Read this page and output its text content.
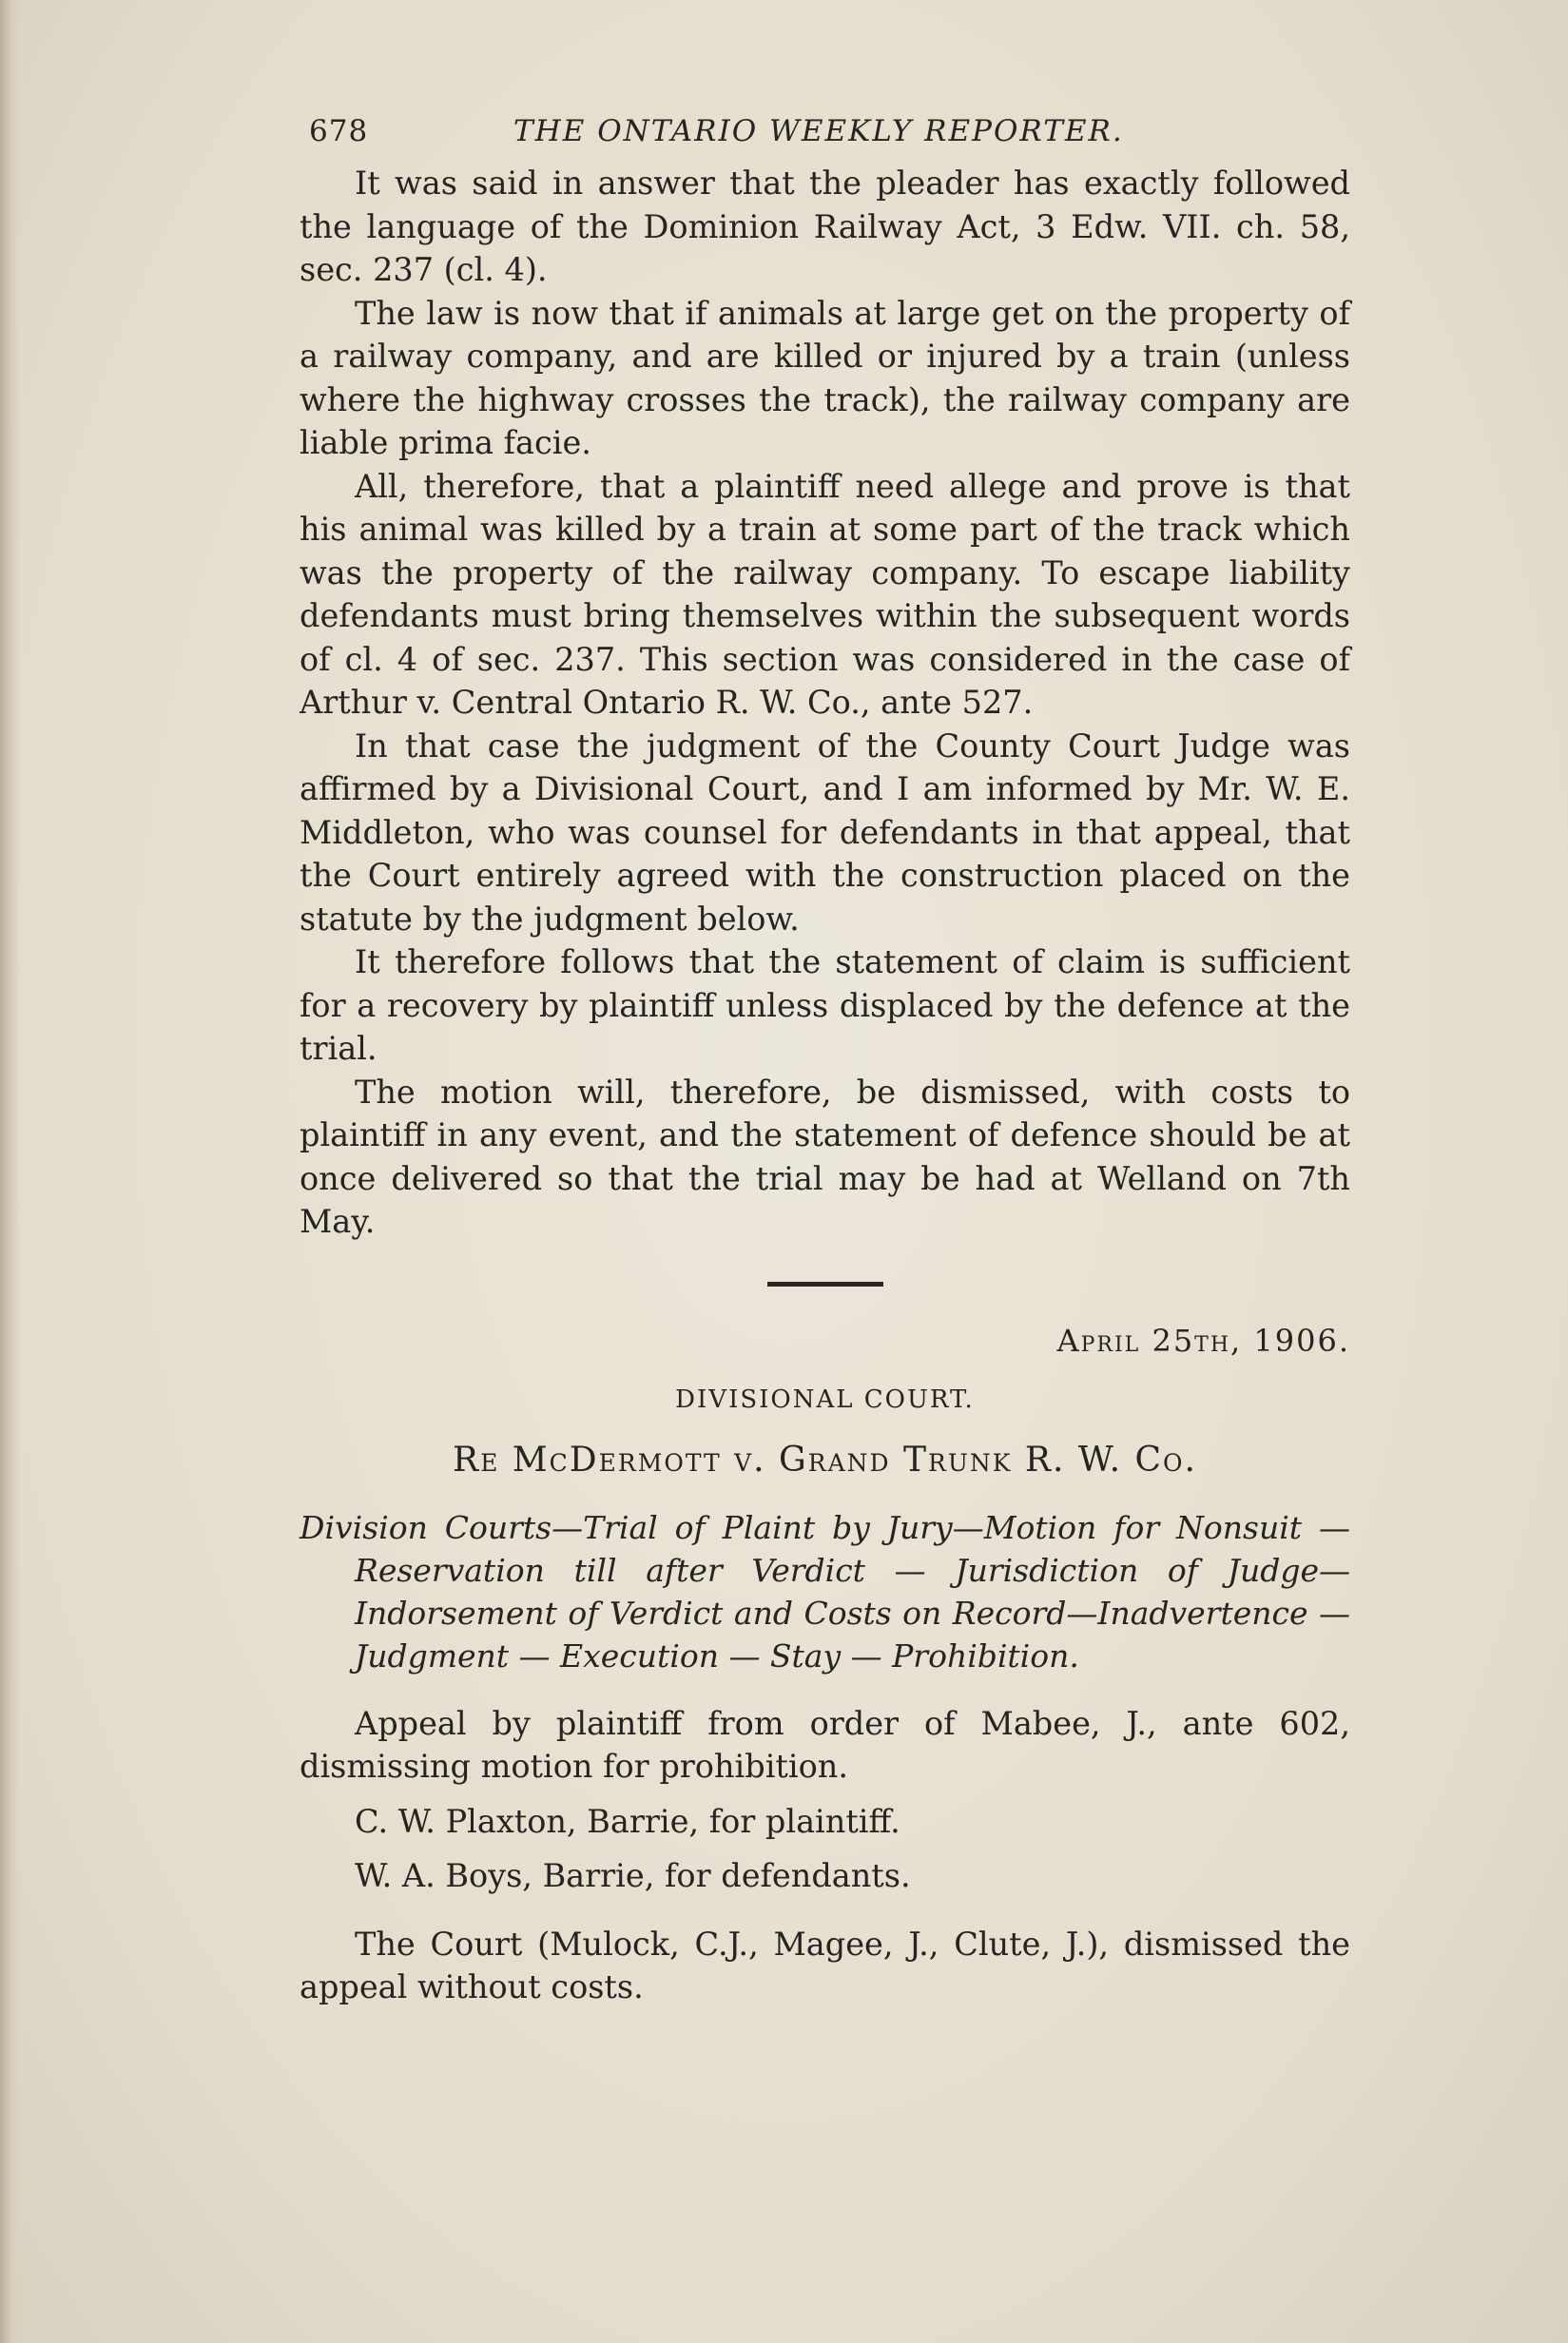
678	THE ONTARIO WEEKLY REPORTER.

It was said in answer that the pleader has exactly followed the language of the Dominion Railway Act, 3 Edw. VII. ch. 58, sec. 237 (cl. 4).

The law is now that if animals at large get on the property of a railway company, and are killed or injured by a train (unless where the highway crosses the track), the railway company are liable prima facie.

All, therefore, that a plaintiff need allege and prove is that his animal was killed by a train at some part of the track which was the property of the railway company. To escape liability defendants must bring themselves within the subsequent words of cl. 4 of sec. 237. This section was considered in the case of Arthur v. Central Ontario R. W. Co., ante 527.

In that case the judgment of the County Court Judge was affirmed by a Divisional Court, and I am informed by Mr. W. E. Middleton, who was counsel for defendants in that appeal, that the Court entirely agreed with the construction placed on the statute by the judgment below.

It therefore follows that the statement of claim is sufficient for a recovery by plaintiff unless displaced by the defence at the trial.

The motion will, therefore, be dismissed, with costs to plaintiff in any event, and the statement of defence should be at once delivered so that the trial may be had at Welland on 7th May.

April 25th, 1906.
DIVISIONAL COURT.
Re McDermott v. Grand Trunk R. W. Co.
Division Courts—Trial of Plaint by Jury—Motion for Nonsuit — Reservation till after Verdict — Jurisdiction of Judge—Indorsement of Verdict and Costs on Record—Inadvertence — Judgment — Execution — Stay — Prohibition.

Appeal by plaintiff from order of Mabee, J., ante 602, dismissing motion for prohibition.

C. W. Plaxton, Barrie, for plaintiff.

W. A. Boys, Barrie, for defendants.

The Court (Mulock, C.J., Magee, J., Clute, J.), dismissed the appeal without costs.
